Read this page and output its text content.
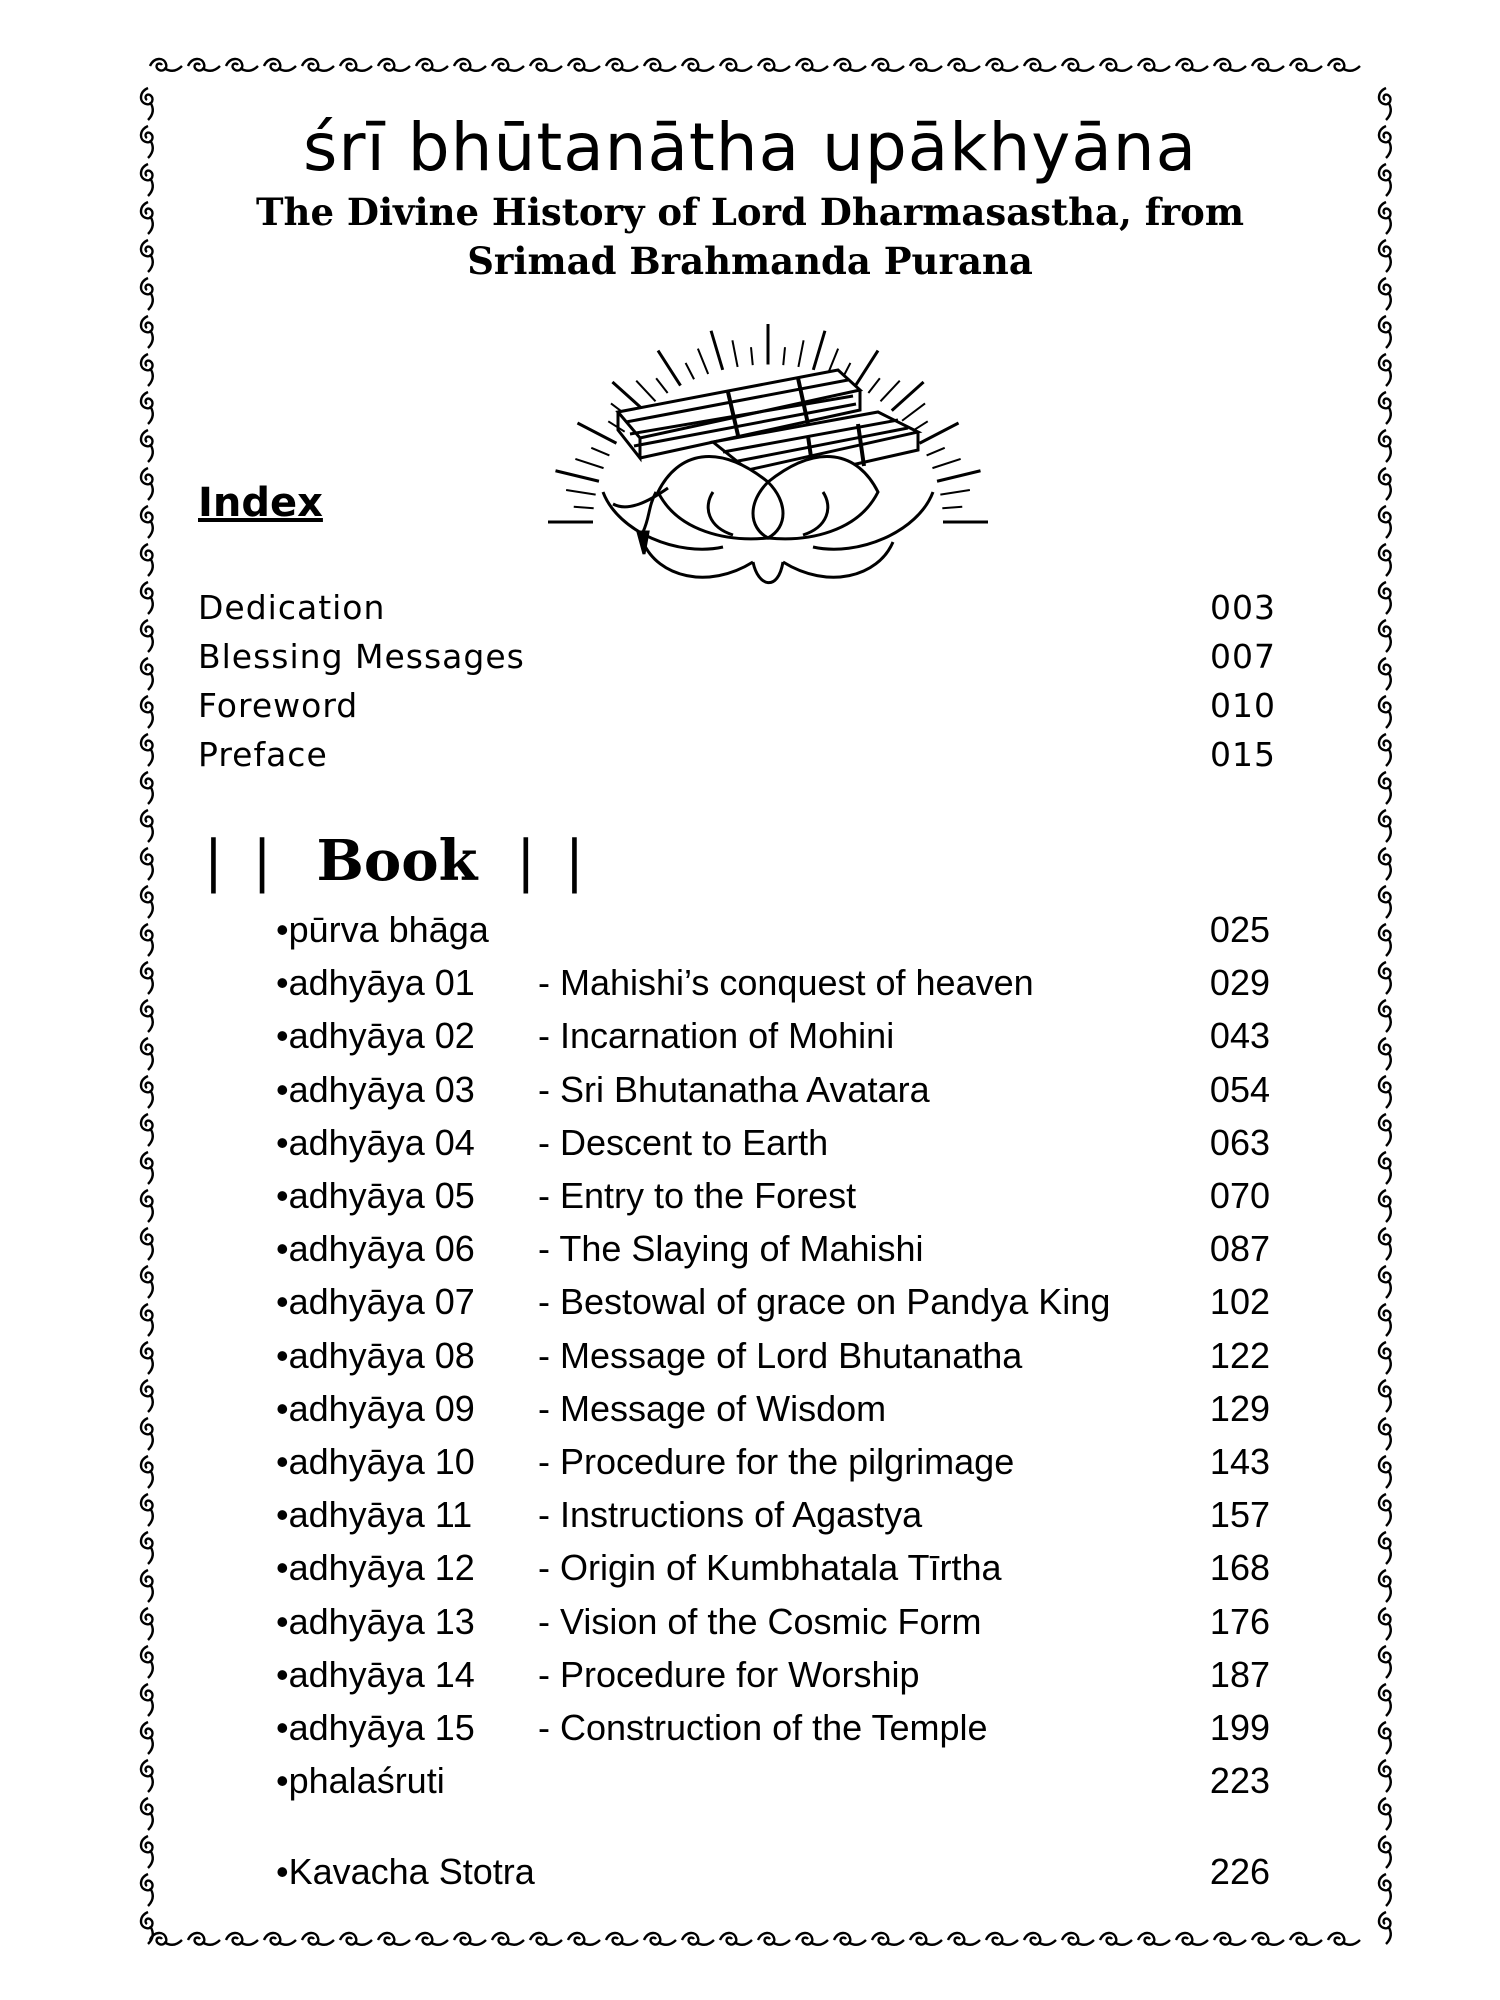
śrī bhūtanātha upākhyāna
The Divine History of Lord Dharmasastha, from
Srimad Brahmanda Purana
Index
Dedication	003
Blessing Messages	007
Foreword	010
Preface	015
| | Book | |
•pūrva bhāga	025
•adhyāya 01 - Mahishi’s conquest of heaven	029
•adhyāya 02 - Incarnation of Mohini	043
•adhyāya 03 - Sri Bhutanatha Avatara	054
•adhyāya 04 - Descent to Earth	063
•adhyāya 05 - Entry to the Forest	070
•adhyāya 06 - The Slaying of Mahishi	087
•adhyāya 07 - Bestowal of grace on Pandya King	102
•adhyāya 08 - Message of Lord Bhutanatha	122
•adhyāya 09 - Message of Wisdom	129
•adhyāya 10 - Procedure for the pilgrimage	143
•adhyāya 11 - Instructions of Agastya	157
•adhyāya 12 - Origin of Kumbhatala Tīrtha	168
•adhyāya 13 - Vision of the Cosmic Form	176
•adhyāya 14 - Procedure for Worship	187
•adhyāya 15 - Construction of the Temple	199
•phalaśruti	223
•Kavacha Stotra	226
